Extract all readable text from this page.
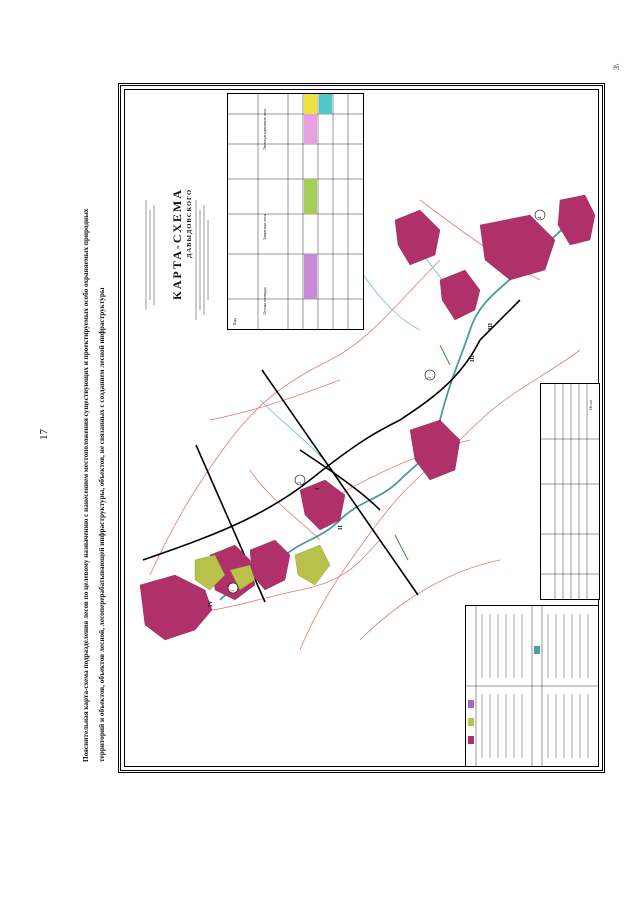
17
3\
Пояснительная карта-схема подразделения лесов по целевому назначению с нанесением местоположения существующих и проектируемых особо охраняемых природных территорий и объектов, объектов лесной, лесоперерабатывающей инфраструктуры, объектов, не связанных с созданием лесной инфраструктуры	1
2
3
4
III
III
IV
II
I
КАРТА-СХЕМА ДАВЫДОВСКОГО
Вид
Лесная площадь
Защитные леса
Эксплуатационные леса
Итого
